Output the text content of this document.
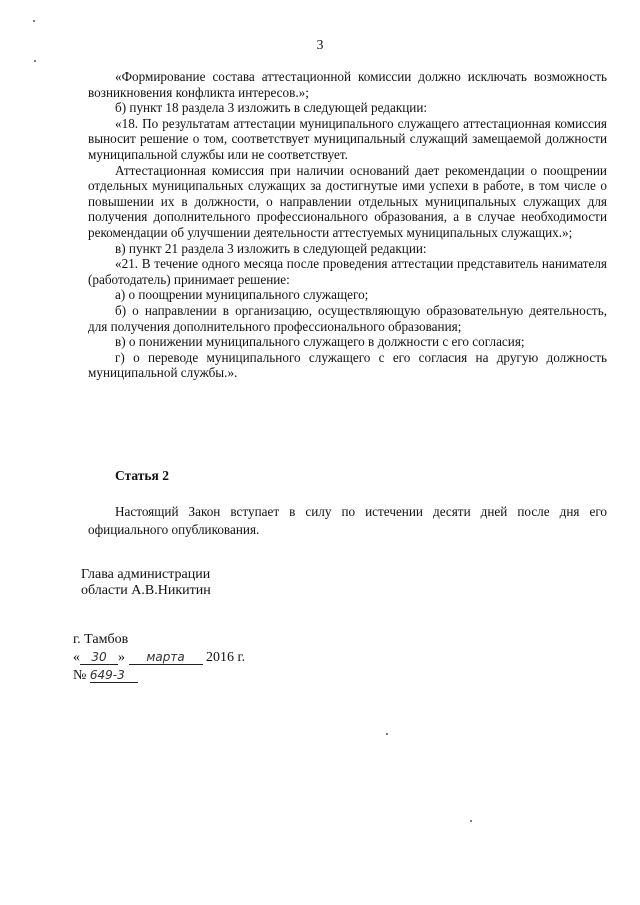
3

«Формирование состава аттестационной комиссии должно исключать возможность возникновения конфликта интересов.»;

б) пункт 18 раздела 3 изложить в следующей редакции:

«18. По результатам аттестации муниципального служащего аттестационная комиссия выносит решение о том, соответствует муниципальный служащий замещаемой должности муниципальной службы или не соответствует.

Аттестационная комиссия при наличии оснований дает рекомендации о поощрении отдельных муниципальных служащих за достигнутые ими успехи в работе, в том числе о повышении их в должности, о направлении отдельных муниципальных служащих для получения дополнительного профессионального образования, а в случае необходимости рекомендации об улучшении деятельности аттестуемых муниципальных служащих.»;

в) пункт 21 раздела 3 изложить в следующей редакции:

«21. В течение одного месяца после проведения аттестации представитель нанимателя (работодатель) принимает решение:

а) о поощрении муниципального служащего;

б) о направлении в организацию, осуществляющую образовательную деятельность, для получения дополнительного профессионального образования;

в) о понижении муниципального служащего в должности с его согласия;

г) о переводе муниципального служащего с его согласия на другую должность муниципальной службы.».

Статья 2

Настоящий Закон вступает в силу по истечении десяти дней после дня его официального опубликования.

Глава администрации
области А.В.Никитин
г. Тамбов
« 30 » марта 2016 г.
№ 649-3
